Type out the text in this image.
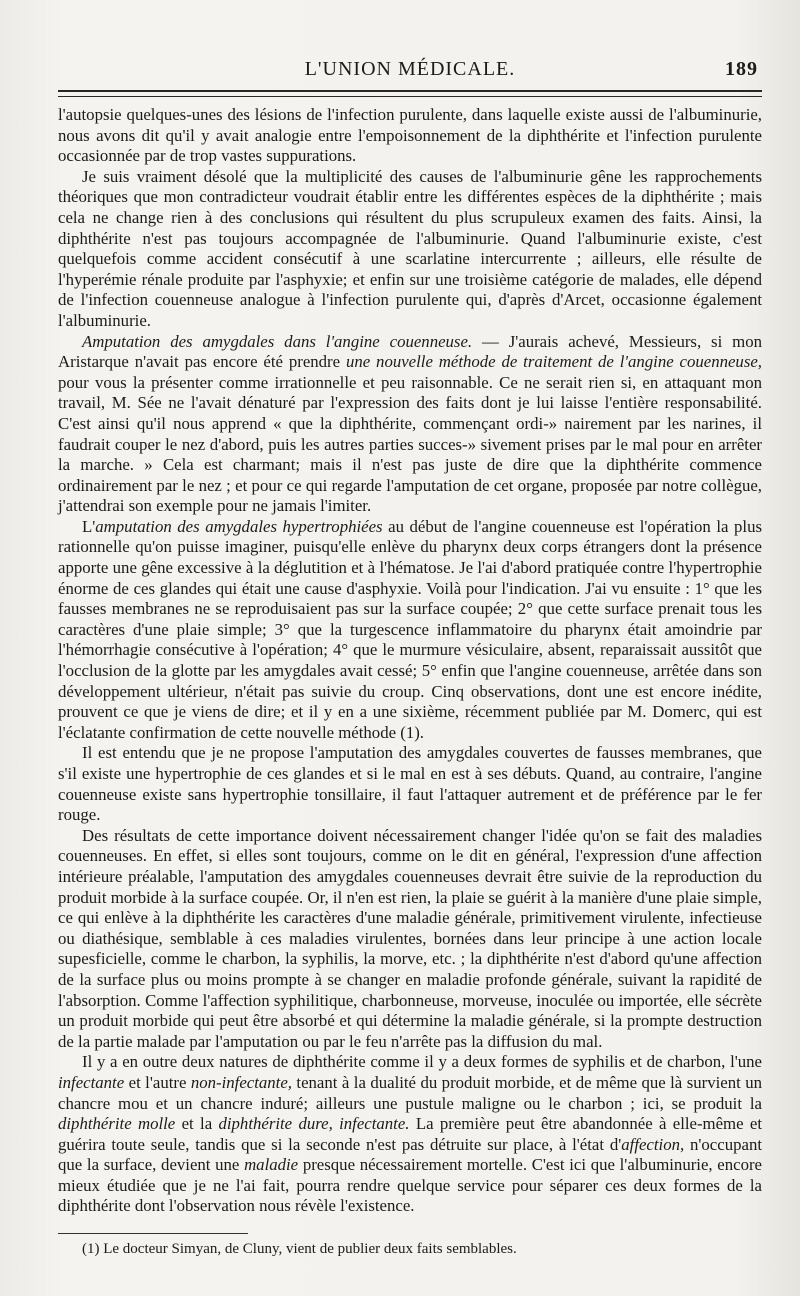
L'UNION MÉDICALE.	189

l'autopsie quelques-unes des lésions de l'infection purulente, dans laquelle existe aussi de l'albuminurie, nous avons dit qu'il y avait analogie entre l'empoisonnement de la diphthérite et l'infection purulente occasionnée par de trop vastes suppurations.

Je suis vraiment désolé que la multiplicité des causes de l'albuminurie gêne les rapprochements théoriques que mon contradicteur voudrait établir entre les différentes espèces de la diphthérite ; mais cela ne change rien à des conclusions qui résultent du plus scrupuleux examen des faits. Ainsi, la diphthérite n'est pas toujours accompagnée de l'albuminurie. Quand l'albuminurie existe, c'est quelquefois comme accident consécutif à une scarlatine intercurrente ; ailleurs, elle résulte de l'hyperémie rénale produite par l'asphyxie; et enfin sur une troisième catégorie de malades, elle dépend de l'infection couenneuse analogue à l'infection purulente qui, d'après d'Arcet, occasionne également l'albuminurie.

Amputation des amygdales dans l'angine couenneuse. — J'aurais achevé, Messieurs, si mon Aristarque n'avait pas encore été prendre une nouvelle méthode de traitement de l'angine couenneuse, pour vous la présenter comme irrationnelle et peu raisonnable. Ce ne serait rien si, en attaquant mon travail, M. Sée ne l'avait dénaturé par l'expression des faits dont je lui laisse l'entière responsabilité. C'est ainsi qu'il nous apprend « que la diphthérite, commençant ordi-» nairement par les narines, il faudrait couper le nez d'abord, puis les autres parties succes-» sivement prises par le mal pour en arrêter la marche. » Cela est charmant; mais il n'est pas juste de dire que la diphthérite commence ordinairement par le nez ; et pour ce qui regarde l'amputation de cet organe, proposée par notre collègue, j'attendrai son exemple pour ne jamais l'imiter.

L'amputation des amygdales hypertrophiées au début de l'angine couenneuse est l'opération la plus rationnelle qu'on puisse imaginer, puisqu'elle enlève du pharynx deux corps étrangers dont la présence apporte une gêne excessive à la déglutition et à l'hématose. Je l'ai d'abord pratiquée contre l'hypertrophie énorme de ces glandes qui était une cause d'asphyxie. Voilà pour l'indication. J'ai vu ensuite : 1° que les fausses membranes ne se reproduisaient pas sur la surface coupée; 2° que cette surface prenait tous les caractères d'une plaie simple; 3° que la turgescence inflammatoire du pharynx était amoindrie par l'hémorrhagie consécutive à l'opération; 4° que le murmure vésiculaire, absent, reparaissait aussitôt que l'occlusion de la glotte par les amygdales avait cessé; 5° enfin que l'angine couenneuse, arrêtée dans son développement ultérieur, n'était pas suivie du croup. Cinq observations, dont une est encore inédite, prouvent ce que je viens de dire; et il y en a une sixième, récemment publiée par M. Domerc, qui est l'éclatante confirmation de cette nouvelle méthode (1).

Il est entendu que je ne propose l'amputation des amygdales couvertes de fausses membranes, que s'il existe une hypertrophie de ces glandes et si le mal en est à ses débuts. Quand, au contraire, l'angine couenneuse existe sans hypertrophie tonsillaire, il faut l'attaquer autrement et de préférence par le fer rouge.

Des résultats de cette importance doivent nécessairement changer l'idée qu'on se fait des maladies couenneuses. En effet, si elles sont toujours, comme on le dit en général, l'expression d'une affection intérieure préalable, l'amputation des amygdales couenneuses devrait être suivie de la reproduction du produit morbide à la surface coupée. Or, il n'en est rien, la plaie se guérit à la manière d'une plaie simple, ce qui enlève à la diphthérite les caractères d'une maladie générale, primitivement virulente, infectieuse ou diathésique, semblable à ces maladies virulentes, bornées dans leur principe à une action locale supesficielle, comme le charbon, la syphilis, la morve, etc. ; la diphthérite n'est d'abord qu'une affection de la surface plus ou moins prompte à se changer en maladie profonde générale, suivant la rapidité de l'absorption. Comme l'affection syphilitique, charbonneuse, morveuse, inoculée ou importée, elle sécrète un produit morbide qui peut être absorbé et qui détermine la maladie générale, si la prompte destruction de la partie malade par l'amputation ou par le feu n'arrête pas la diffusion du mal.

Il y a en outre deux natures de diphthérite comme il y a deux formes de syphilis et de charbon, l'une infectante et l'autre non-infectante, tenant à la dualité du produit morbide, et de même que là survient un chancre mou et un chancre induré; ailleurs une pustule maligne ou le charbon ; ici, se produit la diphthérite molle et la diphthérite dure, infectante. La première peut être abandonnée à elle-même et guérira toute seule, tandis que si la seconde n'est pas détruite sur place, à l'état d'affection, n'occupant que la surface, devient une maladie presque nécessairement mortelle. C'est ici que l'albuminurie, encore mieux étudiée que je ne l'ai fait, pourra rendre quelque service pour séparer ces deux formes de la diphthérite dont l'observation nous révèle l'existence.

(1) Le docteur Simyan, de Cluny, vient de publier deux faits semblables.
